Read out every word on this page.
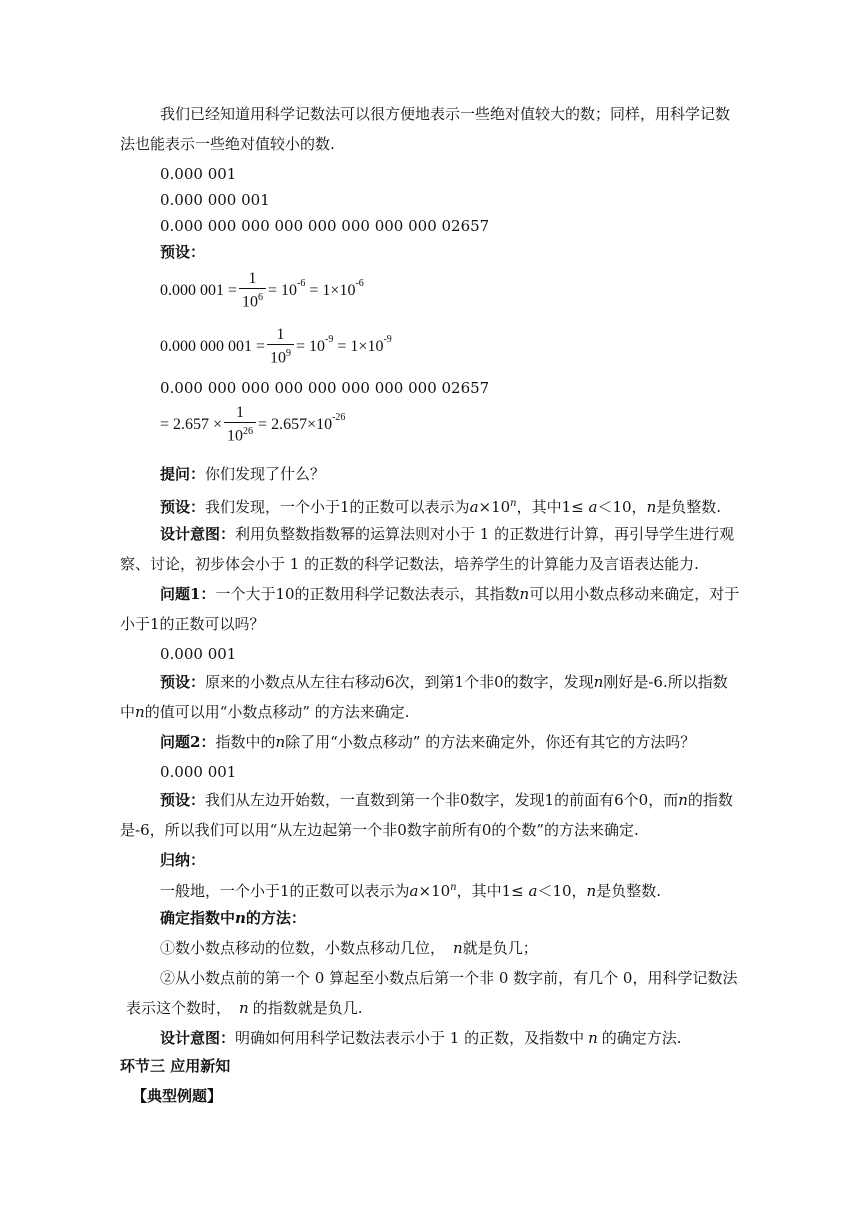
我们已经知道用科学记数法可以很方便地表示一些绝对值较大的数；同样，用科学记数
法也能表示一些绝对值较小的数.
0.000 001
0.000 000 001
0.000 000 000 000 000 000 000 000 02657
预设：
0.000 $001 = \frac{1}{10^6} = 10^{-6} = 1\times 10^{-6}$
0.000 000 $001 = \frac{1}{10^9} = 10^{-9} = 1\times 10^{-9}$
0.000 000 000 000 000 000 000 000 02657
= $2.657 \times \frac{1}{10^{26}} = 2.657\times 10^{-26}$
提问：你们发现了什么？
预设：我们发现，一个小于1的正数可以表示为$a\times 10^n$，其中1≤ a＜10，n是负整数.
设计意图：利用负整数指数幂的运算法则对小于 1 的正数进行计算，再引导学生进行观
察、讨论，初步体会小于 1 的正数的科学记数法，培养学生的计算能力及言语表达能力.
问题1：一个大于10的正数用科学记数法表示，其指数n可以用小数点移动来确定，对于
小于1的正数可以吗？
0.000 001
预设：原来的小数点从左往右移动6次，到第1个非0的数字，发现n刚好是-6.所以指数
中n的值可以用“小数点移动” 的方法来确定.
问题2：指数中的n除了用“小数点移动” 的方法来确定外，你还有其它的方法吗？
0.000 001
预设：我们从左边开始数，一直数到第一个非0数字，发现1的前面有6个0，而n的指数
是-6，所以我们可以用“从左边起第一个非0数字前所有0的个数”的方法来确定.
归纳：
一般地，一个小于1的正数可以表示为$a\times 10^n$，其中1≤ a＜10，n是负整数.
确定指数中n的方法：
①数小数点移动的位数，小数点移动几位， n就是负几；
②从小数点前的第一个 0 算起至小数点后第一个非 0 数字前，有几个 0，用科学记数法
表示这个数时， n 的指数就是负几.
设计意图：明确如何用科学记数法表示小于 1 的正数，及指数中 n 的确定方法.
环节三 应用新知
【典型例题】
